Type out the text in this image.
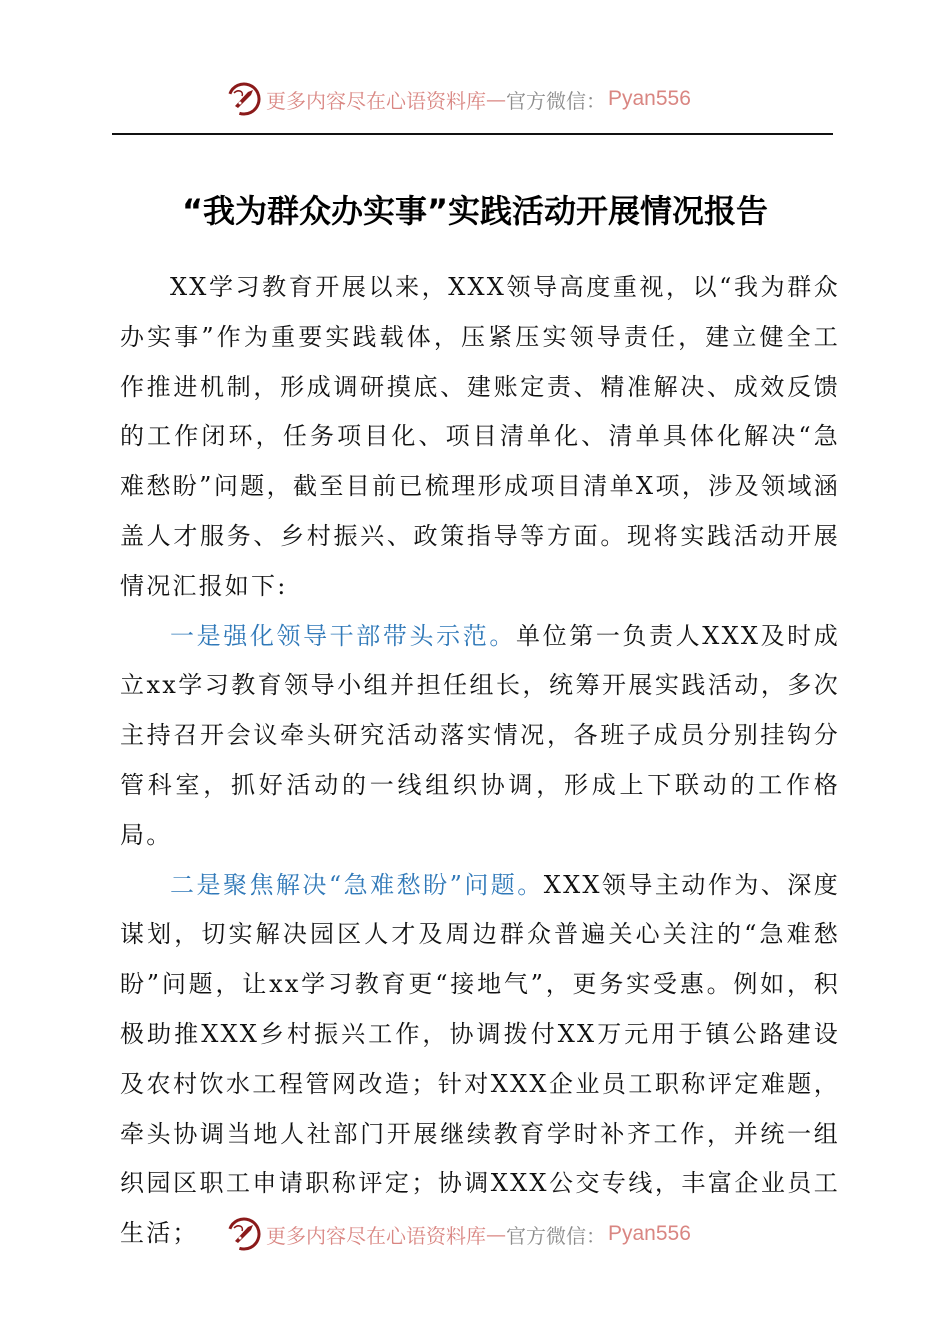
更多内容尽在心语资料库 — 官方微信： Pyan556
“我为群众办实事”实践活动开展情况报告

XX学习教育开展以来，XXX领导高度重视，以“我为群众办实事”作为重要实践载体，压紧压实领导责任，建立健全工作推进机制，形成调研摸底、建账定责、精准解决、成效反馈的工作闭环，任务项目化、项目清单化、清单具体化解决“急难愁盼”问题，截至目前已梳理形成项目清单X项，涉及领域涵盖人才服务、乡村振兴、政策指导等方面。现将实践活动开展情况汇报如下:

一是强化领导干部带头示范。单位第一负责人XXX及时成立xx学习教育领导小组并担任组长，统筹开展实践活动，多次主持召开会议牵头研究活动落实情况，各班子成员分别挂钩分管科室，抓好活动的一线组织协调，形成上下联动的工作格局。

二是聚焦解决“急难愁盼”问题。XXX领导主动作为、深度谋划，切实解决园区人才及周边群众普遍关心关注的“急难愁盼”问题，让xx学习教育更“接地气”，更务实受惠。例如，积极助推XXX乡村振兴工作，协调拨付XX万元用于镇公路建设及农村饮水工程管网改造；针对XXX企业员工职称评定难题，牵头协调当地人社部门开展继续教育学时补齐工作，并统一组织园区职工申请职称评定；协调XXX公交专线，丰富企业员工生活；	更多内容尽在心语资料库 — 官方微信： Pyan556
